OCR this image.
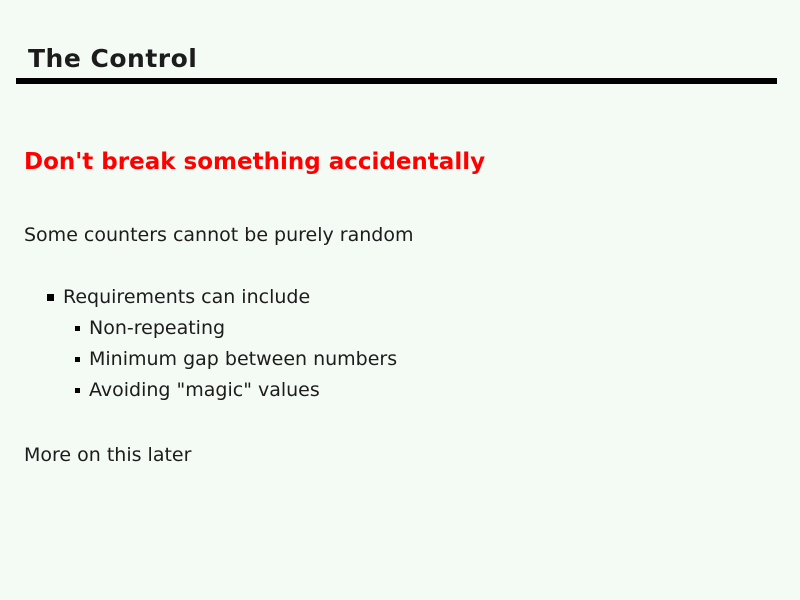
The Control
Don't break something accidentally
Some counters cannot be purely random
Requirements can include
Non-repeating
Minimum gap between numbers
Avoiding "magic" values
More on this later
